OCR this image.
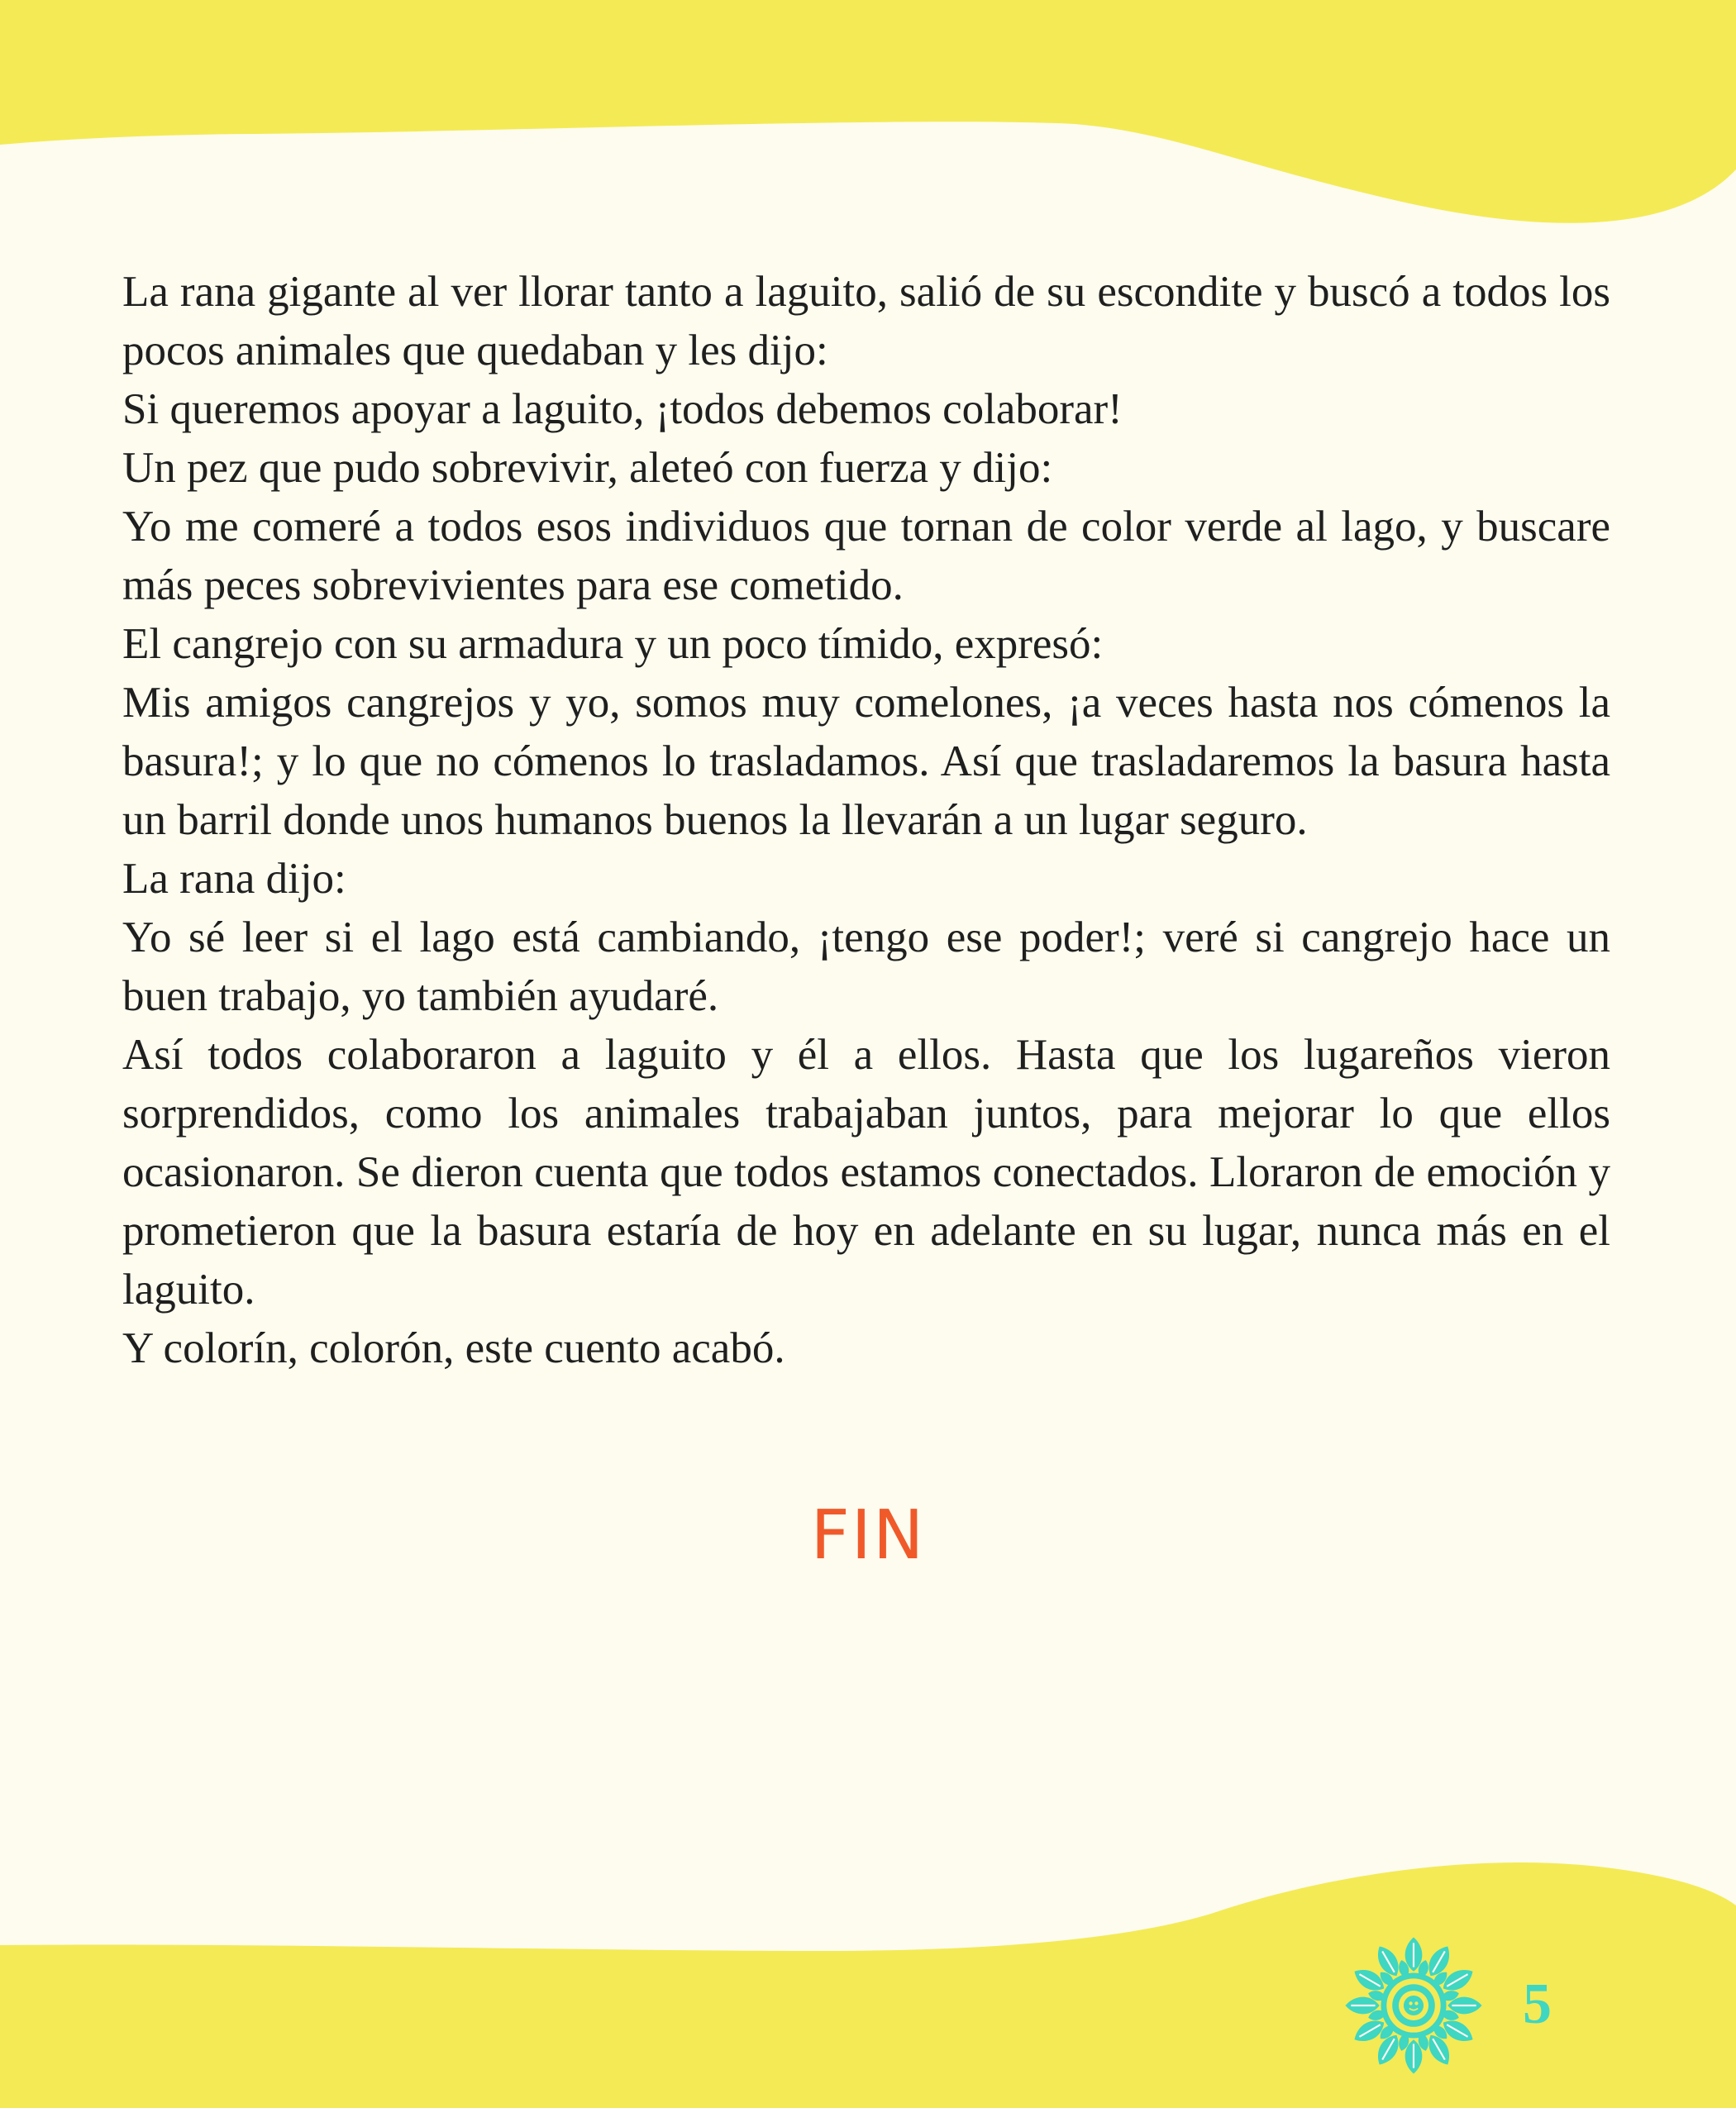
La rana gigante al ver llorar tanto a laguito, salió de su escondite y buscó a todos los pocos animales que quedaban y les dijo:

Si queremos apoyar a laguito, ¡todos debemos colaborar!

Un pez que pudo sobrevivir, aleteó con fuerza y dijo:

Yo me comeré a todos esos individuos que tornan de color verde al lago, y buscare más peces sobrevivientes para ese cometido.

El cangrejo con su armadura y un poco tímido, expresó:

Mis amigos cangrejos y yo, somos muy comelones, ¡a veces hasta nos cómenos la basura!; y lo que no cómenos lo trasladamos. Así que trasladaremos la basura hasta un barril donde unos humanos buenos la llevarán a un lugar seguro.

La rana dijo:

Yo sé leer si el lago está cambiando, ¡tengo ese poder!; veré si cangrejo hace un buen trabajo, yo también ayudaré.

Así todos colaboraron a laguito y él a ellos. Hasta que los lugareños vieron sorprendidos, como los animales trabajaban juntos, para mejorar lo que ellos ocasionaron. Se dieron cuenta que todos estamos conectados. Lloraron de emoción y prometieron que la basura estaría de hoy en adelante en su lugar, nunca más en el laguito.

Y colorín, colorón, este cuento acabó.

FIN
5
